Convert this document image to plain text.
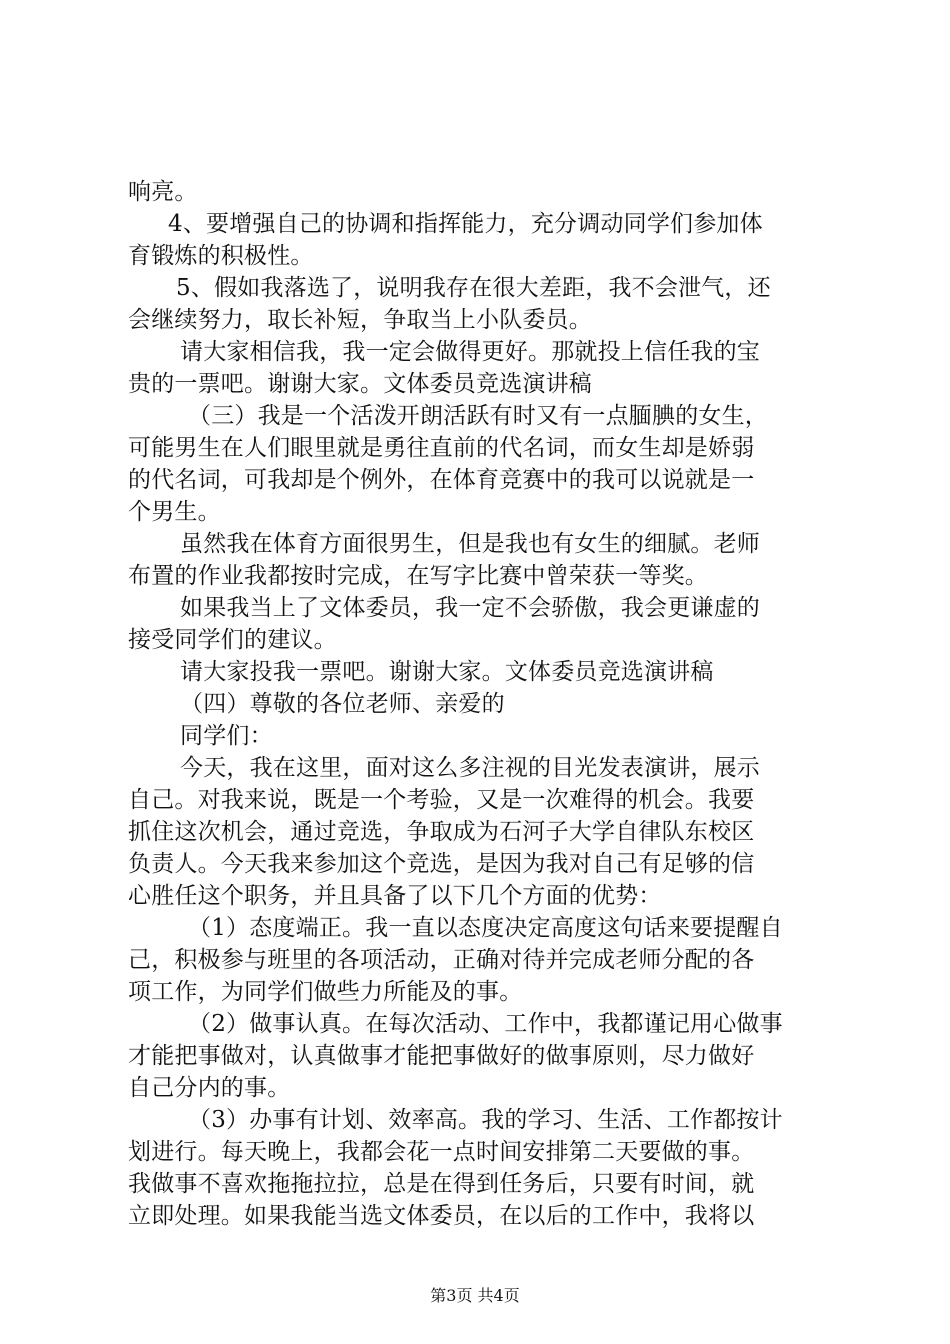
响亮。
4、要增强自己的协调和指挥能力，充分调动同学们参加体
育锻炼的积极性。
5、假如我落选了，说明我存在很大差距，我不会泄气，还
会继续努力，取长补短，争取当上小队委员。
请大家相信我，我一定会做得更好。那就投上信任我的宝
贵的一票吧。谢谢大家。文体委员竞选演讲稿
（三）我是一个活泼开朗活跃有时又有一点腼腆的女生，
可能男生在人们眼里就是勇往直前的代名词，而女生却是娇弱
的代名词，可我却是个例外，在体育竞赛中的我可以说就是一
个男生。
虽然我在体育方面很男生，但是我也有女生的细腻。老师
布置的作业我都按时完成，在写字比赛中曾荣获一等奖。
如果我当上了文体委员，我一定不会骄傲，我会更谦虚的
接受同学们的建议。
请大家投我一票吧。谢谢大家。文体委员竞选演讲稿
（四）尊敬的各位老师、亲爱的
同学们：
今天，我在这里，面对这么多注视的目光发表演讲，展示
自己。对我来说，既是一个考验，又是一次难得的机会。我要
抓住这次机会，通过竞选，争取成为石河子大学自律队东校区
负责人。今天我来参加这个竞选，是因为我对自己有足够的信
心胜任这个职务，并且具备了以下几个方面的优势：
（1）态度端正。我一直以态度决定高度这句话来要提醒自
己，积极参与班里的各项活动，正确对待并完成老师分配的各
项工作，为同学们做些力所能及的事。
（2）做事认真。在每次活动、工作中，我都谨记用心做事
才能把事做对，认真做事才能把事做好的做事原则，尽力做好
自己分内的事。
（3）办事有计划、效率高。我的学习、生活、工作都按计
划进行。每天晚上，我都会花一点时间安排第二天要做的事。
我做事不喜欢拖拖拉拉，总是在得到任务后，只要有时间，就
立即处理。如果我能当选文体委员，在以后的工作中，我将以
第3页 共4页
